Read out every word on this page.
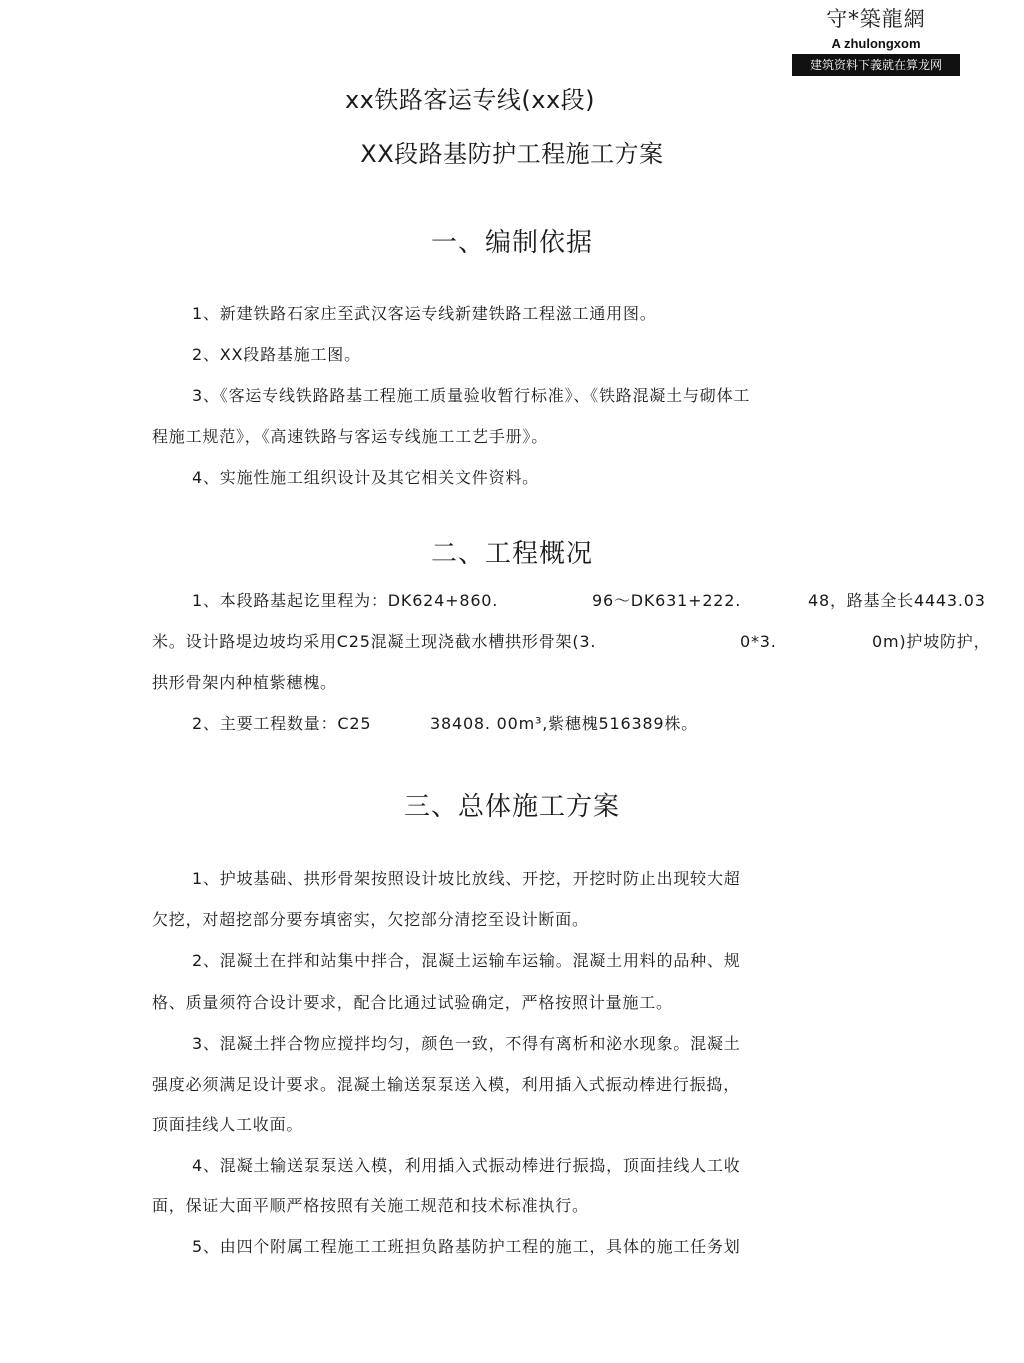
守*築龍網
A zhulongxom
建筑资料下義就在算龙网
xx铁路客运专线(xx段)
XX段路基防护工程施工方案
一、编制依据
1、新建铁路石家庄至武汉客运专线新建铁路工程滋工通用图。
2、XX段路基施工图。
3、《客运专线铁路路基工程施工质量验收暂行标准》、《铁路混凝土与砌体工
程施工规范》，《高速铁路与客运专线施工工艺手册》。
4、实施性施工组织设计及其它相关文件资料。
二、工程概况
1、本段路基起讫里程为：DK624+860.	96～DK631+222.	48，路基全长4443.03
米。设计路堤边坡均采用C25混凝土现浇截水槽拱形骨架(3.	0*3.	0m)护坡防护，
拱形骨架内种植紫穗槐。
2、主要工程数量：C25	38408. 00m³,紫穗槐516389株。
三、总体施工方案
1、护坡基础、拱形骨架按照设计坡比放线、开挖，开挖时防止出现较大超
欠挖，对超挖部分要夯填密实，欠挖部分清挖至设计断面。
2、混凝土在拌和站集中拌合，混凝土运输车运输。混凝土用料的品种、规
格、质量须符合设计要求，配合比通过试验确定，严格按照计量施工。
3、混凝土拌合物应搅拌均匀，颜色一致，不得有离析和泌水现象。混凝土
强度必须满足设计要求。混凝土输送泵泵送入模，利用插入式振动棒进行振捣，
顶面挂线人工收面。
4、混凝土输送泵泵送入模，利用插入式振动棒进行振捣，顶面挂线人工收
面，保证大面平顺严格按照有关施工规范和技术标准执行。
5、由四个附属工程施工工班担负路基防护工程的施工，具体的施工任务划
